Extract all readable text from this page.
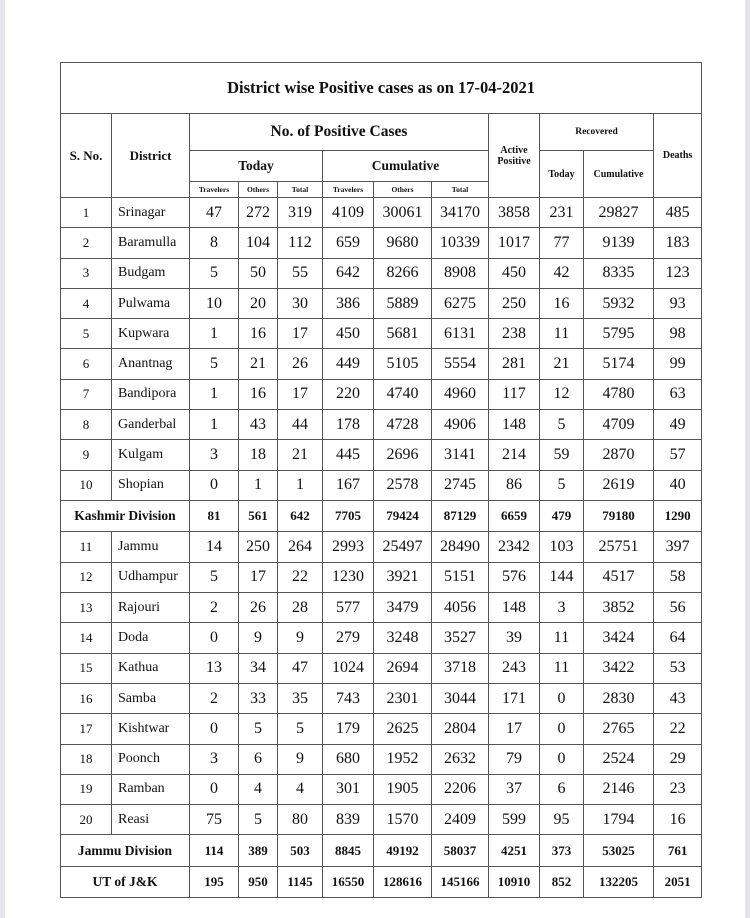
District wise Positive cases as on 17-04-2021											
S. No.	District	No. of Positive Cases						Active Positive	Recovered		Deaths
		Today			Cumulative				Today	Cumulative	
		Travelers	Others	Total	Travelers	Others	Total				
1	Srinagar	47	272	319	4109	30061	34170	3858	231	29827	485
2	Baramulla	8	104	112	659	9680	10339	1017	77	9139	183
3	Budgam	5	50	55	642	8266	8908	450	42	8335	123
4	Pulwama	10	20	30	386	5889	6275	250	16	5932	93
5	Kupwara	1	16	17	450	5681	6131	238	11	5795	98
6	Anantnag	5	21	26	449	5105	5554	281	21	5174	99
7	Bandipora	1	16	17	220	4740	4960	117	12	4780	63
8	Ganderbal	1	43	44	178	4728	4906	148	5	4709	49
9	Kulgam	3	18	21	445	2696	3141	214	59	2870	57
10	Shopian	0	1	1	167	2578	2745	86	5	2619	40
Kashmir Division		81	561	642	7705	79424	87129	6659	479	79180	1290
11	Jammu	14	250	264	2993	25497	28490	2342	103	25751	397
12	Udhampur	5	17	22	1230	3921	5151	576	144	4517	58
13	Rajouri	2	26	28	577	3479	4056	148	3	3852	56
14	Doda	0	9	9	279	3248	3527	39	11	3424	64
15	Kathua	13	34	47	1024	2694	3718	243	11	3422	53
16	Samba	2	33	35	743	2301	3044	171	0	2830	43
17	Kishtwar	0	5	5	179	2625	2804	17	0	2765	22
18	Poonch	3	6	9	680	1952	2632	79	0	2524	29
19	Ramban	0	4	4	301	1905	2206	37	6	2146	23
20	Reasi	75	5	80	839	1570	2409	599	95	1794	16
Jammu Division		114	389	503	8845	49192	58037	4251	373	53025	761
UT of J&K		195	950	1145	16550	128616	145166	10910	852	132205	2051
